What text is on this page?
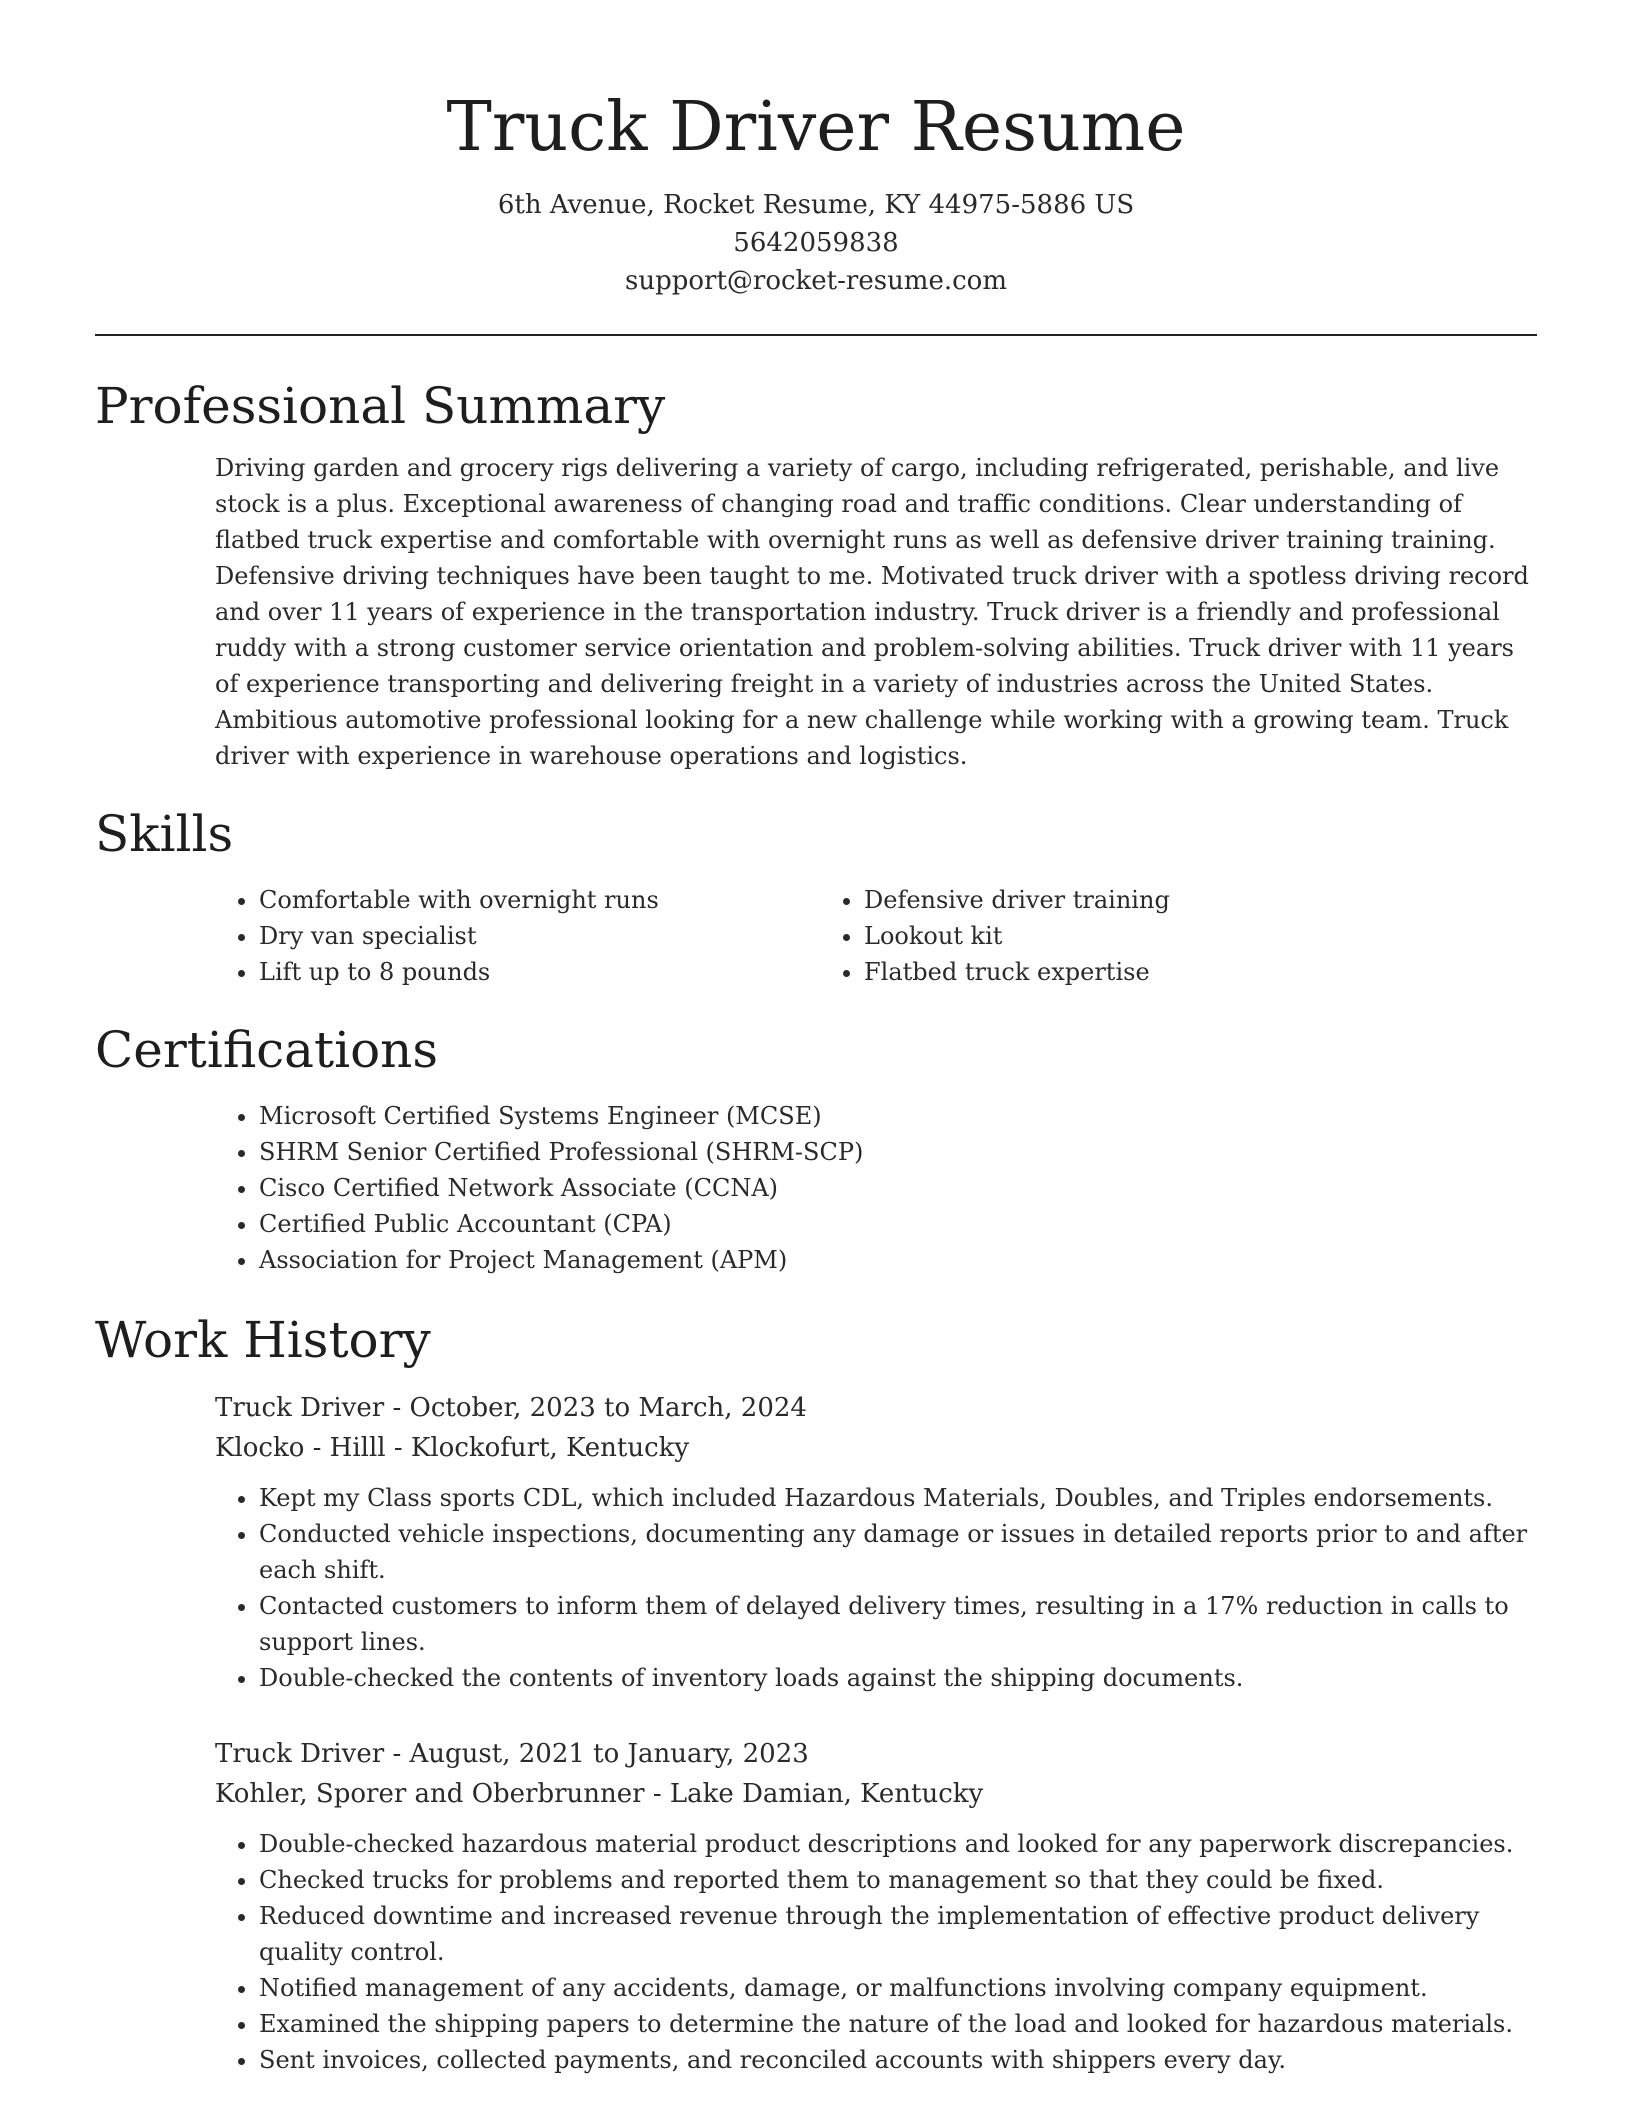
Truck Driver Resume
6th Avenue, Rocket Resume, KY 44975-5886 US
5642059838
support@rocket-resume.com
Professional Summary

Driving garden and grocery rigs delivering a variety of cargo, including refrigerated, perishable, and live stock is a plus. Exceptional awareness of changing road and traffic conditions. Clear understanding of flatbed truck expertise and comfortable with overnight runs as well as defensive driver training training. Defensive driving techniques have been taught to me. Motivated truck driver with a spotless driving record and over 11 years of experience in the transportation industry. Truck driver is a friendly and professional ruddy with a strong customer service orientation and problem-solving abilities. Truck driver with 11 years of experience transporting and delivering freight in a variety of industries across the United States. Ambitious automotive professional looking for a new challenge while working with a growing team. Truck driver with experience in warehouse operations and logistics.

Skills
• Comfortable with overnight runs
• Dry van specialist
• Lift up to 8 pounds
• Defensive driver training
• Lookout kit
• Flatbed truck expertise
Certifications
• Microsoft Certified Systems Engineer (MCSE)
• SHRM Senior Certified Professional (SHRM-SCP)
• Cisco Certified Network Associate (CCNA)
• Certified Public Accountant (CPA)
• Association for Project Management (APM)
Work History
Truck Driver - October, 2023 to March, 2024
Klocko - Hilll - Klockofurt, Kentucky
• Kept my Class sports CDL, which included Hazardous Materials, Doubles, and Triples endorsements.
• Conducted vehicle inspections, documenting any damage or issues in detailed reports prior to and after each shift.
• Contacted customers to inform them of delayed delivery times, resulting in a 17% reduction in calls to support lines.
• Double-checked the contents of inventory loads against the shipping documents.
Truck Driver - August, 2021 to January, 2023
Kohler, Sporer and Oberbrunner - Lake Damian, Kentucky
• Double-checked hazardous material product descriptions and looked for any paperwork discrepancies.
• Checked trucks for problems and reported them to management so that they could be fixed.
• Reduced downtime and increased revenue through the implementation of effective product delivery quality control.
• Notified management of any accidents, damage, or malfunctions involving company equipment.
• Examined the shipping papers to determine the nature of the load and looked for hazardous materials.
• Sent invoices, collected payments, and reconciled accounts with shippers every day.
